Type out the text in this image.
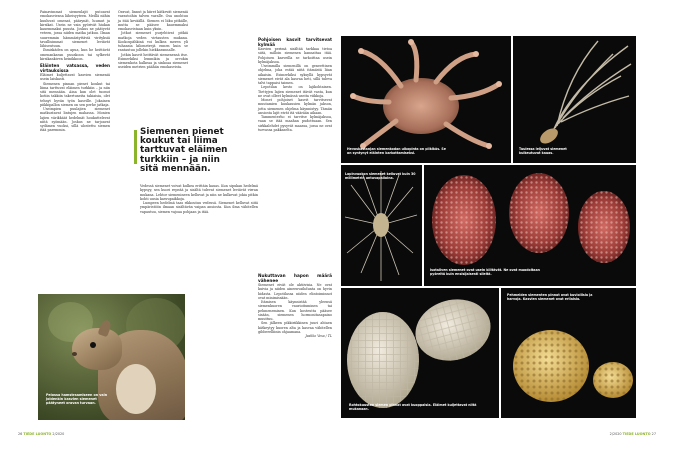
Painavimmat siemenlajit putoavat emokasviensa läheisyyteen. Meillä niihin kuuluvat omenat, päärynät, luumut ja kirsikat. Usein ne vain pyörivät hiukan kauemmaksi puusta. Joskus ne päätyvät veteen, jossa niiden matka jatkuu. Ilman suuremmin hämmästyttäviä virityksiä tavallisimmat siemenet leviävät lähiseutuun.

Ihmiskäden on apua, kun he heittävät omenankaran puuskoon tai sylkevät kirsikankiven heinikkoon.

Eläinten vatsassa, veden virtauksissa

Eläimet kuljettavat kasvien siemeniä usein laiskasti.

Siemenen pinnan pienet koukut tai liima tarttuvat eläimen turkkiin – ja niin sitä mennään. Aina kun olet tuonut kotiin takkiin takertuneita takiaisia, olet tehnyt hyvän työn kasville. Jokainen piikkipallon siemen on sen perhe jatkaja.

Useimpien puulajien siemenet matkustavat lintujen mahassa. Monien lajien värikkäät hedelmät houkuttelevat niitä syömään. Joskus ne tarjoavat sydämen vuoksi, sillä ulostettu siemen itää paremmin.

Oravat, linnut ja hiiret kätkevät siemeniä varastoihin talven varalle. Osa unohtuu ja itää keväällä. Siemen ei liiku pitkälle, mutta se pääsee kauemmaksi emokasvistaan kuin yksin.

Jotkut siemenet purjehtivat pitkiä matkoja veden virtausten mukana. Kookospähkinä voi kulkea meren yli tuhansia kilometrejä ennen kuin se rantautuu jollekin hiekkarannalle.

Jotkin kasvit heittävät siemenensä itse. Esimerkiksi lemmikin ja orvokin siemenkota halkeaa ja sinkoaa siemenet useiden metrien päähän emokasvista.

Siemenen pienet koukut tai liima tarttuvat eläimen turkkiin – ja niin sitä mennään.

Vedessä siemenet voivat kulkea erittäin kauas. Kun sipukan hedelmä kypsyy, sen kuori repeää ja sisältä tulevat siemenet leviävät virran mukana. Lehtor siemenineen kelluvat ja niin ne kulkevat jokia pitkin kohti uusia kasvupaikkoja.

Lumpeen hedelmä taas rikkoutuu vedessä. Siemenet kelluvat siitä ympäristöön ilmaan sisältävän vaipan ansiosta. Kun ilma vähitellen vapautuu, siemen vajoaa pohjaan ja itää.

Pelossa hamstraamiseen on vain joidenkin kasvien siemenet päätyneet oravan turvaan.
Pohjoisen kasvit tarvitsevat kylmää

Kasvien perimä sisältää tarkkaa tietoa siitä, milloin siemenen kannattaa itää. Pohjoisen kasveilla se tarkoittaa usein kylmäjaksoa.

Useimmilla siemenillä on geneettinen ohjelma, joka estää niitä itämästä liian aikaisin. Esimerkiksi syksyllä kypsyvät siemenet eivät ala kasvaa heti, sillä tuleva talvi tappaisi taimen.

Lepotilan kesto on lajikohtainen. Tiettyjen lajien siemenet itävät vasta, kun ne ovat olleet kylmässä useita viikkoja.

Monet pohjoiset kasvit tarvitsevat muutamien kuukausien kylmän jakson, jotta siemenen ohjelma käynnistyy. Tämän ansiosta lajit eivät itä väärään aikaan.

Tammenterho ei tarvitse kylmäjaksoa, vaan se itää maahan pudottuaan. Sen sirkkalehdet pysyvät maassa, jossa ne ovat turvassa pakkaselta.

Nukuttavan hapon määrä vähenee

Siemenet eivät ole aktiivisia. Ne ovat kuivia ja niiden aineenvaihdunta on hyvin hidasta. Lepotilassa niiden elintoiminnot ovat minimissään.

Itämisen käynnistää yleensä siemenkuoren vaurioituminen tai pehmeneminen. Kun kosteutta pääsee sisään, siemenen hormonitasapaino muuttuu.

Sen jälkeen pikkiriikkinen juuri ahtaen kätkeytyy kuoren alta ja kasvaa vähitellen gibberelliinin ohjaamana.

Jaakko Vesa / TL

Hevoskastanjan siemenkodan ulkopinta on piikikäs. Se on syntynyt eläinten karkottamiseksi.
Tuulessa leijuvat siemenet kulkeutuvat kauas.
Lapinvuokon siemenet kelluvat kuin 30 millimetrin untuvapalloina.
Isotaliven siemenet ovat usein kiiltävät. Ne ovat muodoltaan pyöreitä kuin ensisijaisesti sileitä.
Rohtokuusten siemen pinnat ovat kuoppaisia. Eläimet kuljettavat niitä mukanaan.
Pehmeiden siementen pinnat ovat kuviollisia ja harvoja. Kasvien siemenet ovat erilaisia.
26 TIEDE LUONTO 2/2020	2/2020 TIEDE LUONTO 27
